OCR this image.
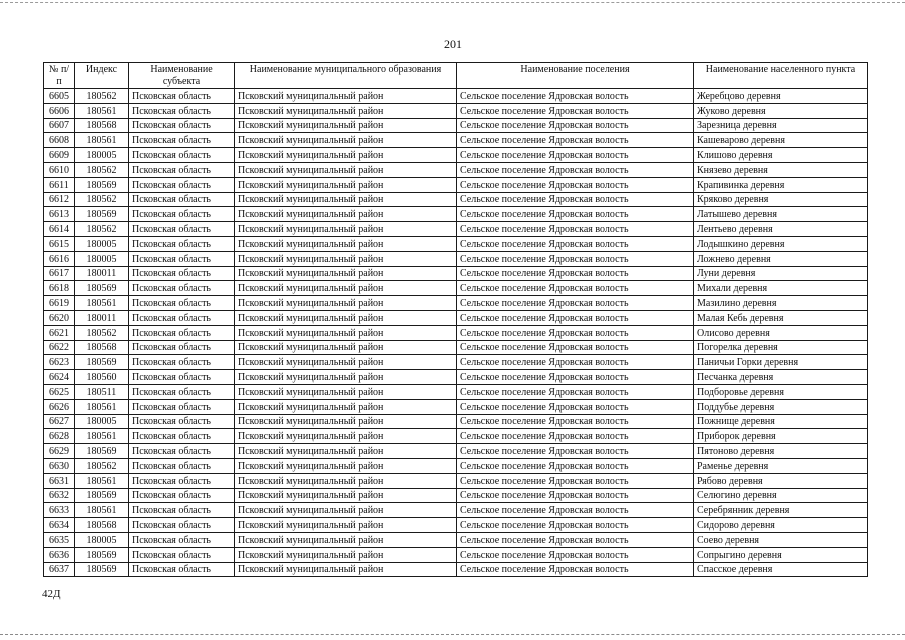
201
№ п/п	Индекс	Наименование субъекта	Наименование муниципального образования	Наименование поселения	Наименование населенного пункта
6605	180562	Псковская область	Псковский муниципальный район	Сельское поселение Ядровская волость	Жеребцово деревня
6606	180561	Псковская область	Псковский муниципальный район	Сельское поселение Ядровская волость	Жуково деревня
6607	180568	Псковская область	Псковский муниципальный район	Сельское поселение Ядровская волость	Зарезница деревня
6608	180561	Псковская область	Псковский муниципальный район	Сельское поселение Ядровская волость	Кашеварово деревня
6609	180005	Псковская область	Псковский муниципальный район	Сельское поселение Ядровская волость	Клишово деревня
6610	180562	Псковская область	Псковский муниципальный район	Сельское поселение Ядровская волость	Князево деревня
6611	180569	Псковская область	Псковский муниципальный район	Сельское поселение Ядровская волость	Крапивинка деревня
6612	180562	Псковская область	Псковский муниципальный район	Сельское поселение Ядровская волость	Кряково деревня
6613	180569	Псковская область	Псковский муниципальный район	Сельское поселение Ядровская волость	Латышево деревня
6614	180562	Псковская область	Псковский муниципальный район	Сельское поселение Ядровская волость	Лентьево деревня
6615	180005	Псковская область	Псковский муниципальный район	Сельское поселение Ядровская волость	Лодышкино деревня
6616	180005	Псковская область	Псковский муниципальный район	Сельское поселение Ядровская волость	Ложнево деревня
6617	180011	Псковская область	Псковский муниципальный район	Сельское поселение Ядровская волость	Луни деревня
6618	180569	Псковская область	Псковский муниципальный район	Сельское поселение Ядровская волость	Михали деревня
6619	180561	Псковская область	Псковский муниципальный район	Сельское поселение Ядровская волость	Мазилино деревня
6620	180011	Псковская область	Псковский муниципальный район	Сельское поселение Ядровская волость	Малая Кебь деревня
6621	180562	Псковская область	Псковский муниципальный район	Сельское поселение Ядровская волость	Олисово деревня
6622	180568	Псковская область	Псковский муниципальный район	Сельское поселение Ядровская волость	Погорелка деревня
6623	180569	Псковская область	Псковский муниципальный район	Сельское поселение Ядровская волость	Паничьи Горки деревня
6624	180560	Псковская область	Псковский муниципальный район	Сельское поселение Ядровская волость	Песчанка деревня
6625	180511	Псковская область	Псковский муниципальный район	Сельское поселение Ядровская волость	Подборовье деревня
6626	180561	Псковская область	Псковский муниципальный район	Сельское поселение Ядровская волость	Поддубье деревня
6627	180005	Псковская область	Псковский муниципальный район	Сельское поселение Ядровская волость	Пожнище деревня
6628	180561	Псковская область	Псковский муниципальный район	Сельское поселение Ядровская волость	Приборок деревня
6629	180569	Псковская область	Псковский муниципальный район	Сельское поселение Ядровская волость	Пятоново деревня
6630	180562	Псковская область	Псковский муниципальный район	Сельское поселение Ядровская волость	Раменье деревня
6631	180561	Псковская область	Псковский муниципальный район	Сельское поселение Ядровская волость	Рябово деревня
6632	180569	Псковская область	Псковский муниципальный район	Сельское поселение Ядровская волость	Селюгино деревня
6633	180561	Псковская область	Псковский муниципальный район	Сельское поселение Ядровская волость	Серебрянник деревня
6634	180568	Псковская область	Псковский муниципальный район	Сельское поселение Ядровская волость	Сидорово деревня
6635	180005	Псковская область	Псковский муниципальный район	Сельское поселение Ядровская волость	Соево деревня
6636	180569	Псковская область	Псковский муниципальный район	Сельское поселение Ядровская волость	Сопрыгино деревня
6637	180569	Псковская область	Псковский муниципальный район	Сельское поселение Ядровская волость	Спасское деревня
42Д
